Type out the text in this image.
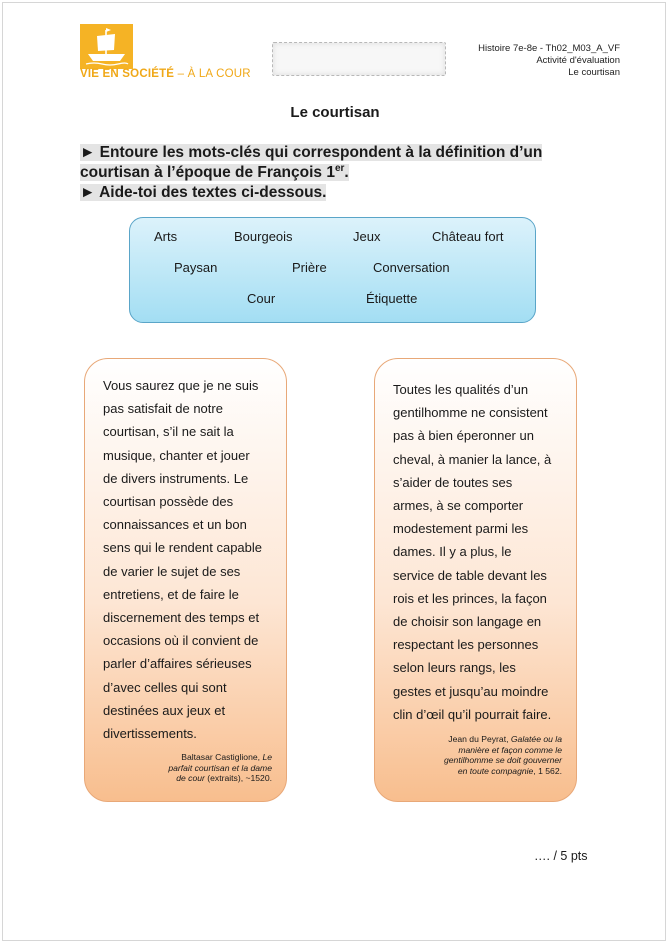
VIE EN SOCIÉTÉ – À LA COUR
Histoire 7e-8e - Th02_M03_A_VF
Activité d'évaluation
Le courtisan
Le courtisan
► Entoure les mots-clés qui correspondent à la définition d’un
courtisan à l’époque de François 1er.
► Aide-toi des textes ci-dessous.
Arts	Bourgeois	Jeux	Château fort
Paysan	Prière	Conversation
Cour	Étiquette
Vous saurez que je ne suis
pas satisfait de notre
courtisan, s’il ne sait la
musique, chanter et jouer
de divers instruments. Le
courtisan possède des
connaissances et un bon
sens qui le rendent capable
de varier le sujet de ses
entretiens, et de faire le
discernement des temps et
occasions où il convient de
parler d’affaires sérieuses
d’avec celles qui sont
destinées aux jeux et
divertissements.
Baltasar Castiglione, Le
parfait courtisan et la dame
de cour (extraits), ~1520.
Toutes les qualités d’un
gentilhomme ne consistent
pas à bien éperonner un
cheval, à manier la lance, à
s’aider de toutes ses
armes, à se comporter
modestement parmi les
dames. Il y a plus, le
service de table devant les
rois et les princes, la façon
de choisir son langage en
respectant les personnes
selon leurs rangs, les
gestes et jusqu’au moindre
clin d’œil qu’il pourrait faire.
Jean du Peyrat, Galatée ou la
manière et façon comme le
gentilhomme se doit gouverner
en toute compagnie, 1 562.
…. / 5 pts
